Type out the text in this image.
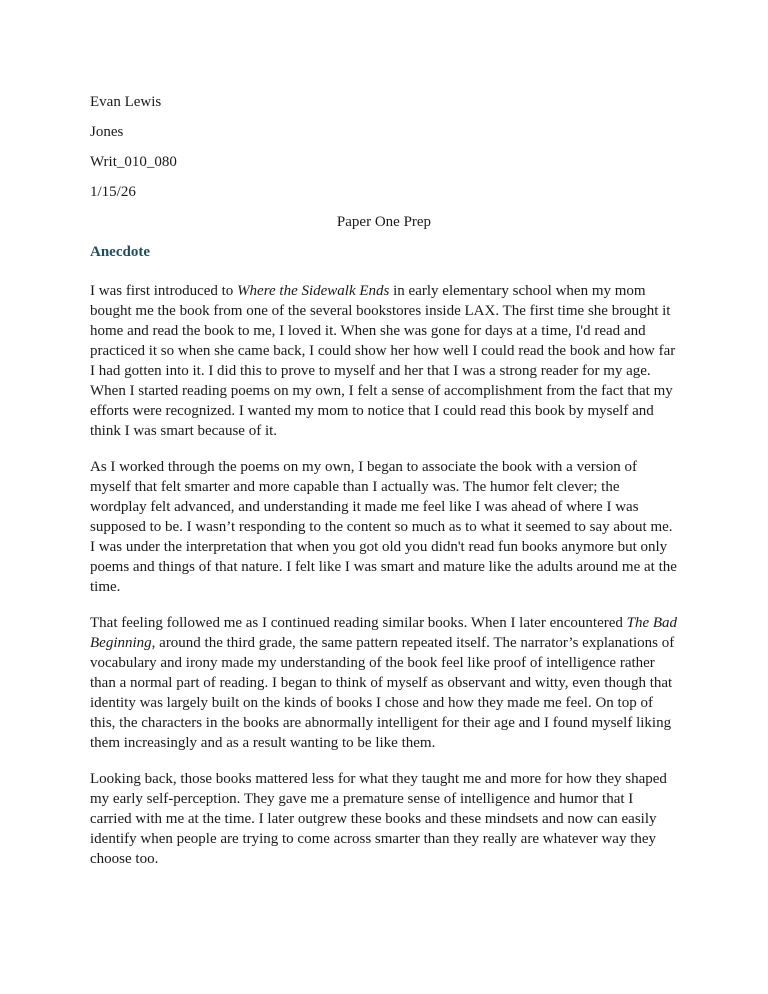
Evan Lewis

Jones

Writ_010_080

1/15/26

Paper One Prep

Anecdote

I was first introduced to Where the Sidewalk Ends in early elementary school when my mom bought me the book from one of the several bookstores inside LAX. The first time she brought it home and read the book to me, I loved it. When she was gone for days at a time, I'd read and practiced it so when she came back, I could show her how well I could read the book and how far I had gotten into it. I did this to prove to myself and her that I was a strong reader for my age. When I started reading poems on my own, I felt a sense of accomplishment from the fact that my efforts were recognized. I wanted my mom to notice that I could read this book by myself and think I was smart because of it.

As I worked through the poems on my own, I began to associate the book with a version of myself that felt smarter and more capable than I actually was. The humor felt clever; the wordplay felt advanced, and understanding it made me feel like I was ahead of where I was supposed to be. I wasn’t responding to the content so much as to what it seemed to say about me. I was under the interpretation that when you got old you didn't read fun books anymore but only poems and things of that nature. I felt like I was smart and mature like the adults around me at the time.

That feeling followed me as I continued reading similar books. When I later encountered The Bad Beginning, around the third grade, the same pattern repeated itself. The narrator’s explanations of vocabulary and irony made my understanding of the book feel like proof of intelligence rather than a normal part of reading. I began to think of myself as observant and witty, even though that identity was largely built on the kinds of books I chose and how they made me feel. On top of this, the characters in the books are abnormally intelligent for their age and I found myself liking them increasingly and as a result wanting to be like them.

Looking back, those books mattered less for what they taught me and more for how they shaped my early self-perception. They gave me a premature sense of intelligence and humor that I carried with me at the time. I later outgrew these books and these mindsets and now can easily identify when people are trying to come across smarter than they really are whatever way they choose too.
